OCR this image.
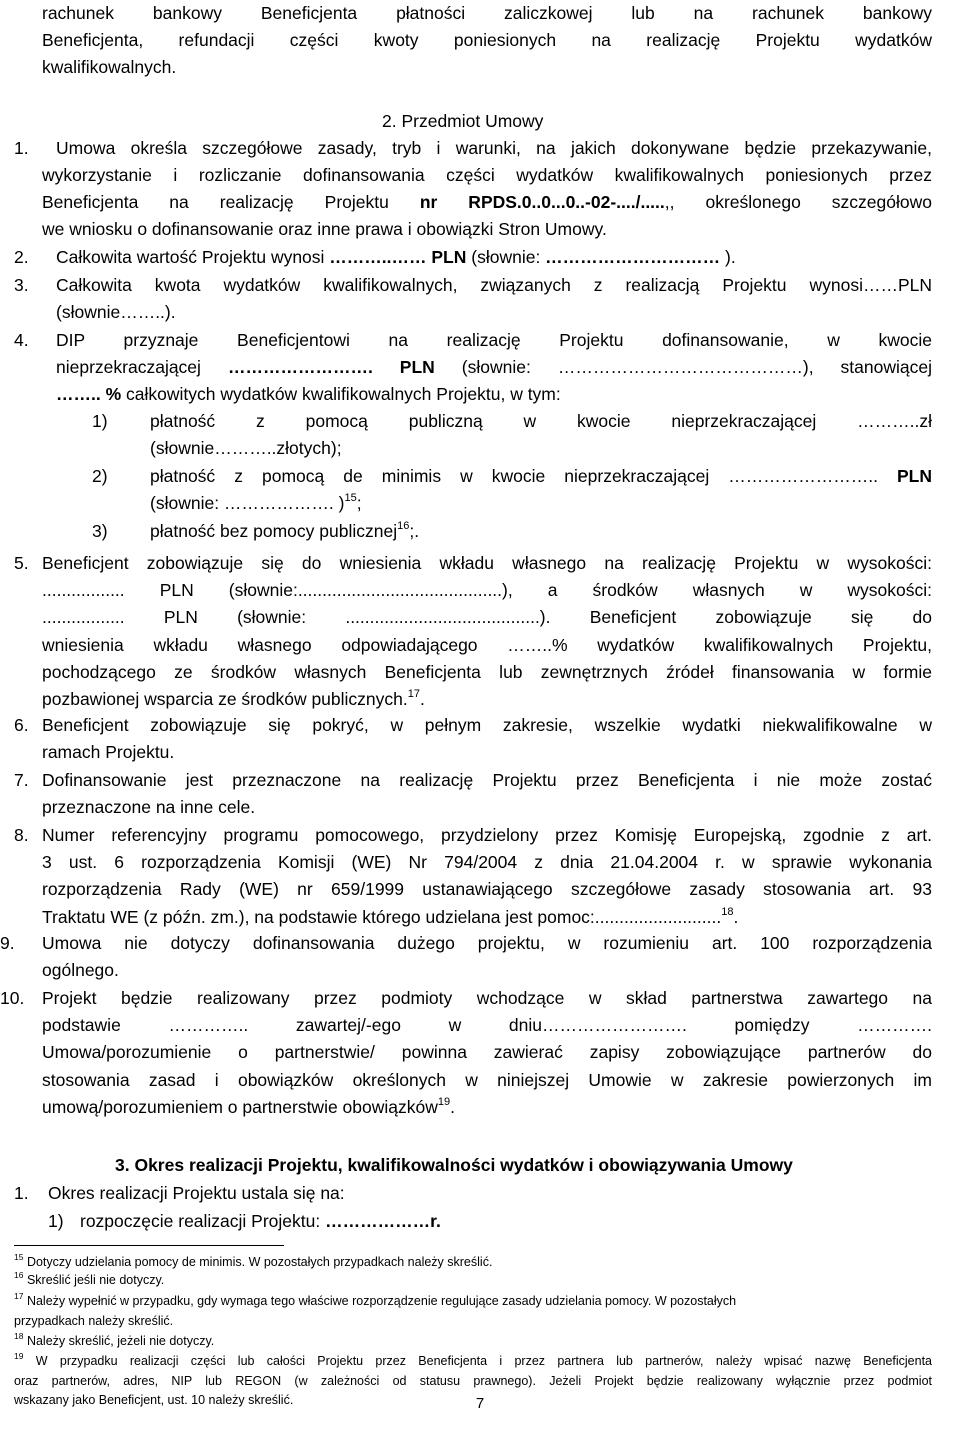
rachunek bankowy Beneficjenta płatności zaliczkowej lub na rachunek bankowy
Beneficjenta, refundacji części kwoty poniesionych na realizację Projektu wydatków
kwalifikowalnych.
2. Przedmiot Umowy
1.	Umowa określa szczegółowe zasady, tryb i warunki, na jakich dokonywane będzie przekazywanie,
wykorzystanie i rozliczanie dofinansowania części wydatków kwalifikowalnych poniesionych przez
Beneficjenta na realizację Projektu nr RPDS.0..0...0..-02-..../.....,, określonego szczegółowo
we wniosku o dofinansowanie oraz inne prawa i obowiązki Stron Umowy.
2.	Całkowita wartość Projektu wynosi ………..…… PLN (słownie: ………………………… ).
3.	Całkowita kwota wydatków kwalifikowalnych, związanych z realizacją Projektu wynosi……PLN
(słownie……..).
4.	DIP przyznaje Beneficjentowi na realizację Projektu dofinansowanie, w kwocie
nieprzekraczającej ……………………. PLN (słownie: ……………………………………), stanowiącej
…….. % całkowitych wydatków kwalifikowalnych Projektu, w tym:
1)	płatność z pomocą publiczną w kwocie nieprzekraczającej ………..zł
(słownie………..złotych);
2)	płatność z pomocą de minimis w kwocie nieprzekraczającej …………………….. PLN
(słownie: ………………. )$^{15}$;
3)	płatność bez pomocy publicznej$^{16}$;.
5. Beneficjent zobowiązuje się do wniesienia wkładu własnego na realizację Projektu w wysokości:
................. PLN (słownie:..........................................), a środków własnych w wysokości:
................. PLN (słownie: ........................................). Beneficjent zobowiązuje się do
wniesienia wkładu własnego odpowiadającego ……..% wydatków kwalifikowalnych Projektu,
pochodzącego ze środków własnych Beneficjenta lub zewnętrznych źródeł finansowania w formie
pozbawionej wsparcia ze środków publicznych.$^{17}$.
6. Beneficjent zobowiązuje się pokryć, w pełnym zakresie, wszelkie wydatki niekwalifikowalne w
ramach Projektu.
7. Dofinansowanie jest przeznaczone na realizację Projektu przez Beneficjenta i nie może zostać
przeznaczone na inne cele.
8. Numer referencyjny programu pomocowego, przydzielony przez Komisję Europejską, zgodnie z art.
3 ust. 6 rozporządzenia Komisji (WE) Nr 794/2004 z dnia 21.04.2004 r. w sprawie wykonania
rozporządzenia Rady (WE) nr 659/1999 ustanawiającego szczegółowe zasady stosowania art. 93
Traktatu WE (z późn. zm.), na podstawie którego udzielana jest pomoc:..........................$^{18}$.
9.	Umowa nie dotyczy dofinansowania dużego projektu, w rozumieniu art. 100 rozporządzenia
ogólnego.
10.	Projekt będzie realizowany przez podmioty wchodzące w skład partnerstwa zawartego na
podstawie ………….. zawartej/-ego w dniu……………………. pomiędzy ………….
Umowa/porozumienie o partnerstwie/ powinna zawierać zapisy zobowiązujące partnerów do
stosowania zasad i obowiązków określonych w niniejszej Umowie w zakresie powierzonych im
umową/porozumieniem o partnerstwie obowiązków$^{19}$.
3. Okres realizacji Projektu, kwalifikowalności wydatków i obowiązywania Umowy
1.	Okres realizacji Projektu ustala się na:
1) rozpoczęcie realizacji Projektu: ………………r.
$^{15}$ Dotyczy udzielania pomocy de minimis. W pozostałych przypadkach należy skreślić.
$^{16}$ Skreślić jeśli nie dotyczy.
$^{17}$ Należy wypełnić w przypadku, gdy wymaga tego właściwe rozporządzenie regulujące zasady udzielania pomocy. W pozostałych
przypadkach należy skreślić.
$^{18}$ Należy skreślić, jeżeli nie dotyczy.
$^{19}$ W przypadku realizacji części lub całości Projektu przez Beneficjenta i przez partnera lub partnerów, należy wpisać nazwę Beneficjenta
oraz partnerów, adres, NIP lub REGON (w zależności od statusu prawnego). Jeżeli Projekt będzie realizowany wyłącznie przez podmiot
wskazany jako Beneficjent, ust. 10 należy skreślić.	7
